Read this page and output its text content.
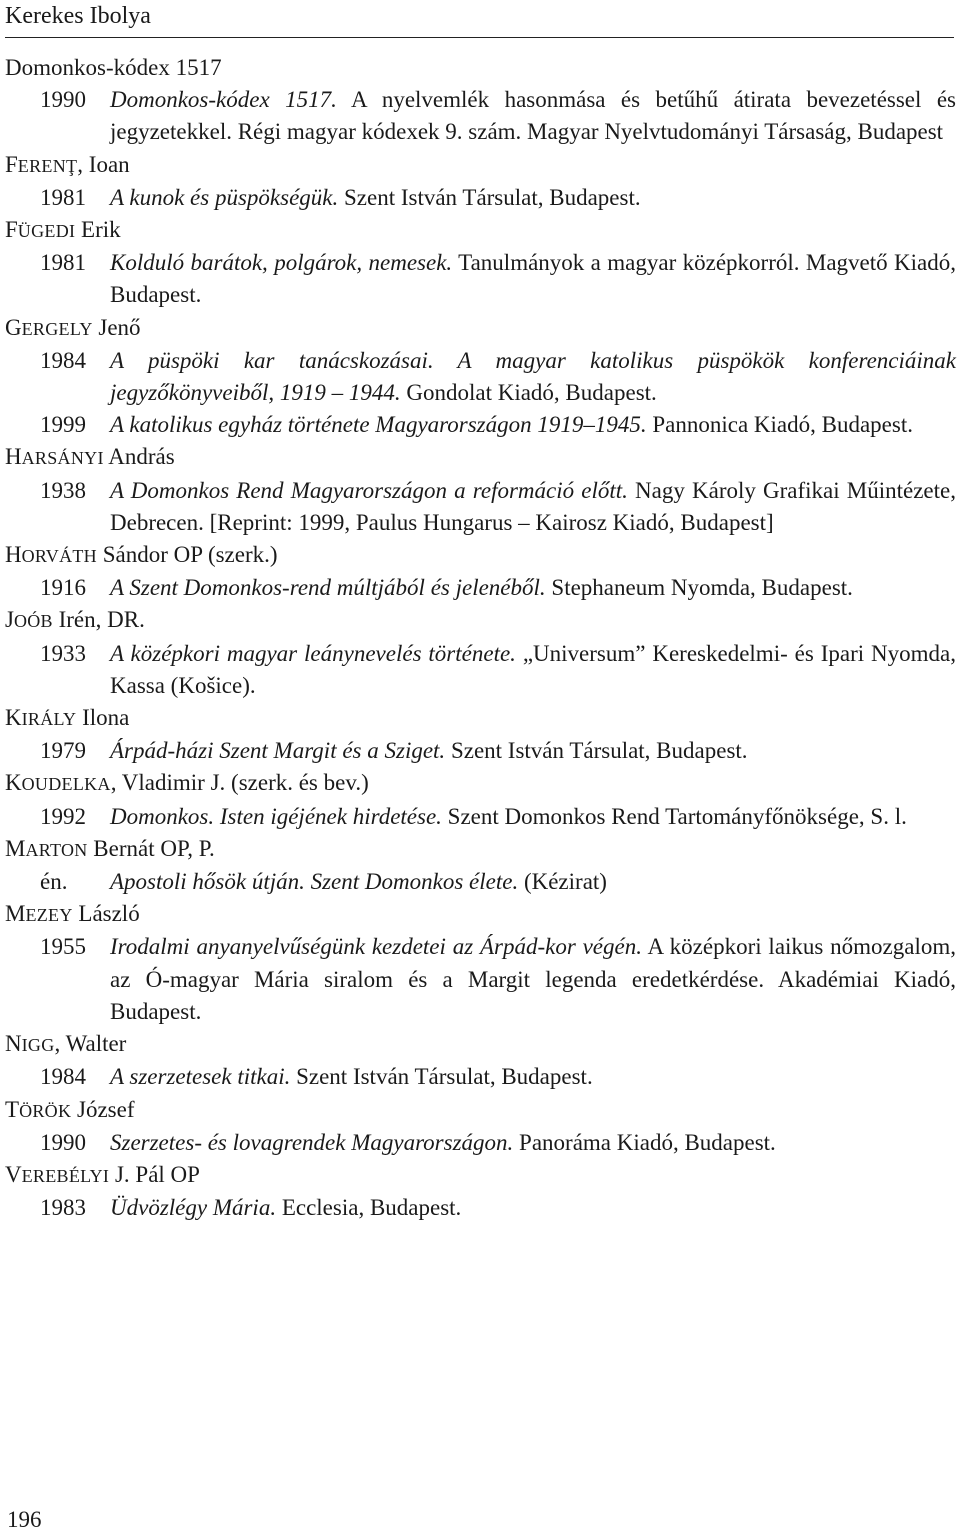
Kerekes Ibolya
Domonkos-kódex 1517
1990 Domonkos-kódex 1517. A nyelvemlék hasonmása és betűhű átirata bevezetéssel és jegyzetekkel. Régi magyar kódexek 9. szám. Magyar Nyelvtudományi Társaság, Budapest
FERENŢ, Ioan
1981 A kunok és püspökségük. Szent István Társulat, Budapest.
FÜGEDI Erik
1981 Kolduló barátok, polgárok, nemesek. Tanulmányok a magyar középkorról. Magvető Kiadó, Budapest.
GERGELY Jenő
1984 A püspöki kar tanácskozásai. A magyar katolikus püspökök konferenciáinak jegyzőkönyveiből, 1919 – 1944. Gondolat Kiadó, Budapest.
1999 A katolikus egyház története Magyarországon 1919–1945. Pannonica Kiadó, Budapest.
HARSÁNYI András
1938 A Domonkos Rend Magyarországon a reformáció előtt. Nagy Károly Grafikai Műintézete, Debrecen. [Reprint: 1999, Paulus Hungarus – Kairosz Kiadó, Budapest]
HORVÁTH Sándor OP (szerk.)
1916 A Szent Domonkos-rend múltjából és jelenéből. Stephaneum Nyomda, Budapest.
JOÓB Irén, DR.
1933 A középkori magyar leánynevelés története. „Universum” Kereskedelmi- és Ipari Nyomda, Kassa (Košice).
KIRÁLY Ilona
1979 Árpád-házi Szent Margit és a Sziget. Szent István Társulat, Budapest.
KOUDELKA, Vladimir J. (szerk. és bev.)
1992 Domonkos. Isten igéjének hirdetése. Szent Domonkos Rend Tartományfőnöksége, S. l.
MARTON Bernát OP, P.
én. Apostoli hősök útján. Szent Domonkos élete. (Kézirat)
MEZEY László
1955 Irodalmi anyanyelvűségünk kezdetei az Árpád-kor végén. A középkori laikus nőmozgalom, az Ó-magyar Mária siralom és a Margit legenda eredetkérdése. Akadémiai Kiadó, Budapest.
NIGG, Walter
1984 A szerzetesek titkai. Szent István Társulat, Budapest.
TÖRÖK József
1990 Szerzetes- és lovagrendek Magyarországon. Panoráma Kiadó, Budapest.
VEREBÉLYI J. Pál OP
1983 Üdvözlégy Mária. Ecclesia, Budapest.
196
